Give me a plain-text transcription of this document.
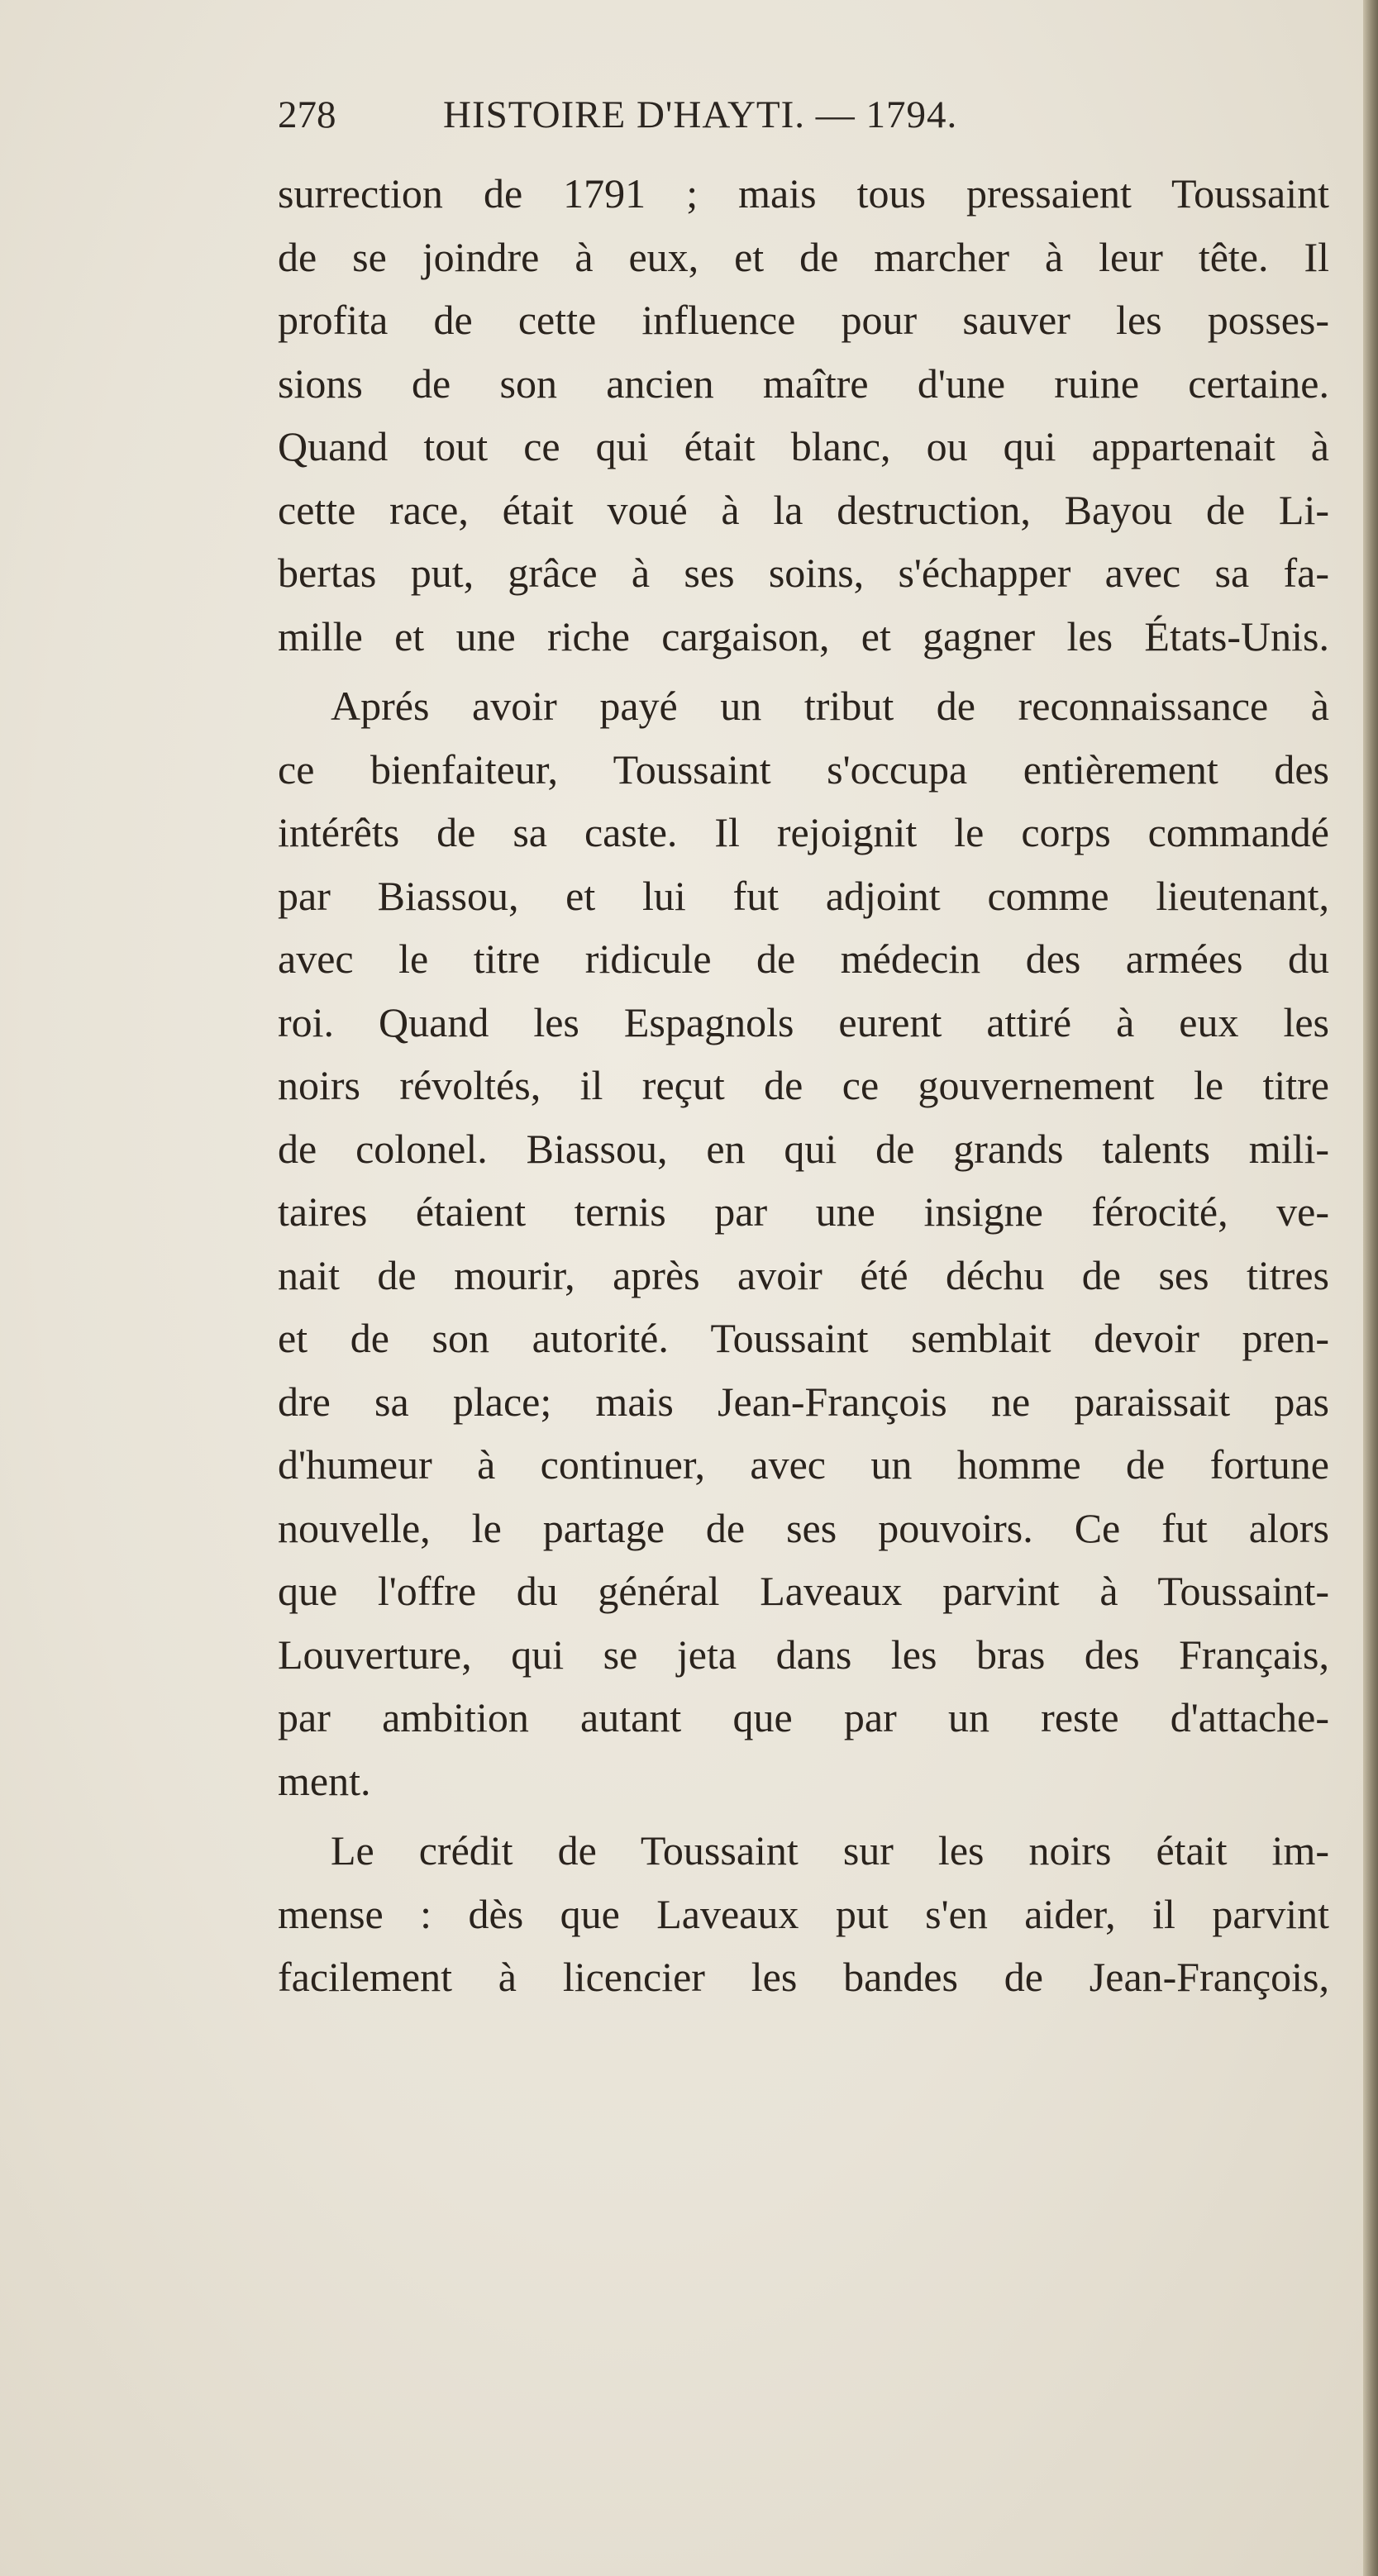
278	HISTOIRE D'HAYTI. — 1794.
surrection de 1791 ; mais tous pressaient Toussaint
de se joindre à eux, et de marcher à leur tête. Il
profita de cette influence pour sauver les posses-
sions de son ancien maître d'une ruine certaine.
Quand tout ce qui était blanc, ou qui appartenait à
cette race, était voué à la destruction, Bayou de Li-
bertas put, grâce à ses soins, s'échapper avec sa fa-
mille et une riche cargaison, et gagner les États-Unis.
Aprés avoir payé un tribut de reconnaissance à
ce bienfaiteur, Toussaint s'occupa entièrement des
intérêts de sa caste. Il rejoignit le corps commandé
par Biassou, et lui fut adjoint comme lieutenant,
avec le titre ridicule de médecin des armées du
roi. Quand les Espagnols eurent attiré à eux les
noirs révoltés, il reçut de ce gouvernement le titre
de colonel. Biassou, en qui de grands talents mili-
taires étaient ternis par une insigne férocité, ve-
nait de mourir, après avoir été déchu de ses titres
et de son autorité. Toussaint semblait devoir pren-
dre sa place; mais Jean-François ne paraissait pas
d'humeur à continuer, avec un homme de fortune
nouvelle, le partage de ses pouvoirs. Ce fut alors
que l'offre du général Laveaux parvint à Toussaint-
Louverture, qui se jeta dans les bras des Français,
par ambition autant que par un reste d'attache-
ment.
Le crédit de Toussaint sur les noirs était im-
mense : dès que Laveaux put s'en aider, il parvint
facilement à licencier les bandes de Jean-François,
